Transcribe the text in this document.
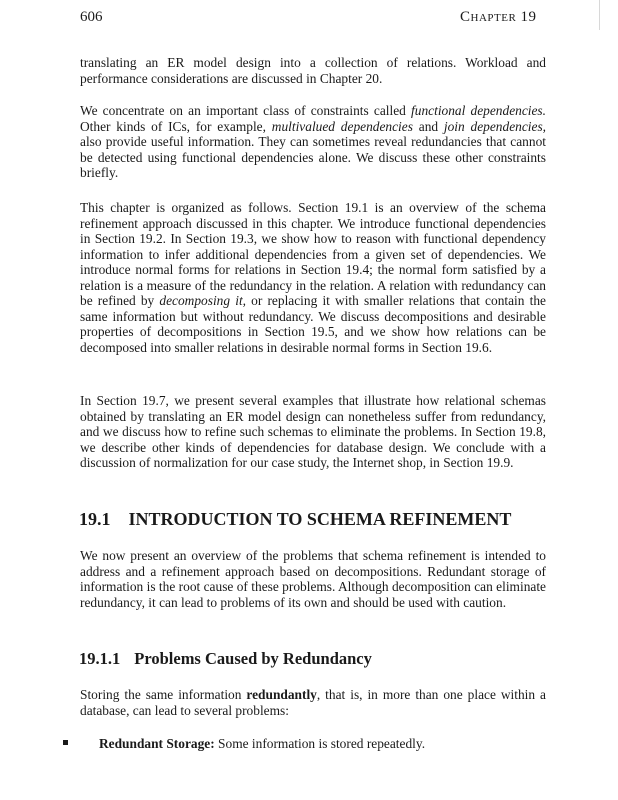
606	Chapter 19
translating an ER model design into a collection of relations. Workload and performance considerations are discussed in Chapter 20.
We concentrate on an important class of constraints called functional dependencies. Other kinds of ICs, for example, multivalued dependencies and join dependencies, also provide useful information. They can sometimes reveal redundancies that cannot be detected using functional dependencies alone. We discuss these other constraints briefly.
This chapter is organized as follows. Section 19.1 is an overview of the schema refinement approach discussed in this chapter. We introduce functional dependencies in Section 19.2. In Section 19.3, we show how to reason with functional dependency information to infer additional dependencies from a given set of dependencies. We introduce normal forms for relations in Section 19.4; the normal form satisfied by a relation is a measure of the redundancy in the relation. A relation with redundancy can be refined by decomposing it, or replacing it with smaller relations that contain the same information but without redundancy. We discuss decompositions and desirable properties of decompositions in Section 19.5, and we show how relations can be decomposed into smaller relations in desirable normal forms in Section 19.6.
In Section 19.7, we present several examples that illustrate how relational schemas obtained by translating an ER model design can nonetheless suffer from redundancy, and we discuss how to refine such schemas to eliminate the problems. In Section 19.8, we describe other kinds of dependencies for database design. We conclude with a discussion of normalization for our case study, the Internet shop, in Section 19.9.
19.1 INTRODUCTION TO SCHEMA REFINEMENT
We now present an overview of the problems that schema refinement is intended to address and a refinement approach based on decompositions. Redundant storage of information is the root cause of these problems. Although decomposition can eliminate redundancy, it can lead to problems of its own and should be used with caution.
19.1.1 Problems Caused by Redundancy
Storing the same information redundantly, that is, in more than one place within a database, can lead to several problems:
Redundant Storage: Some information is stored repeatedly.
